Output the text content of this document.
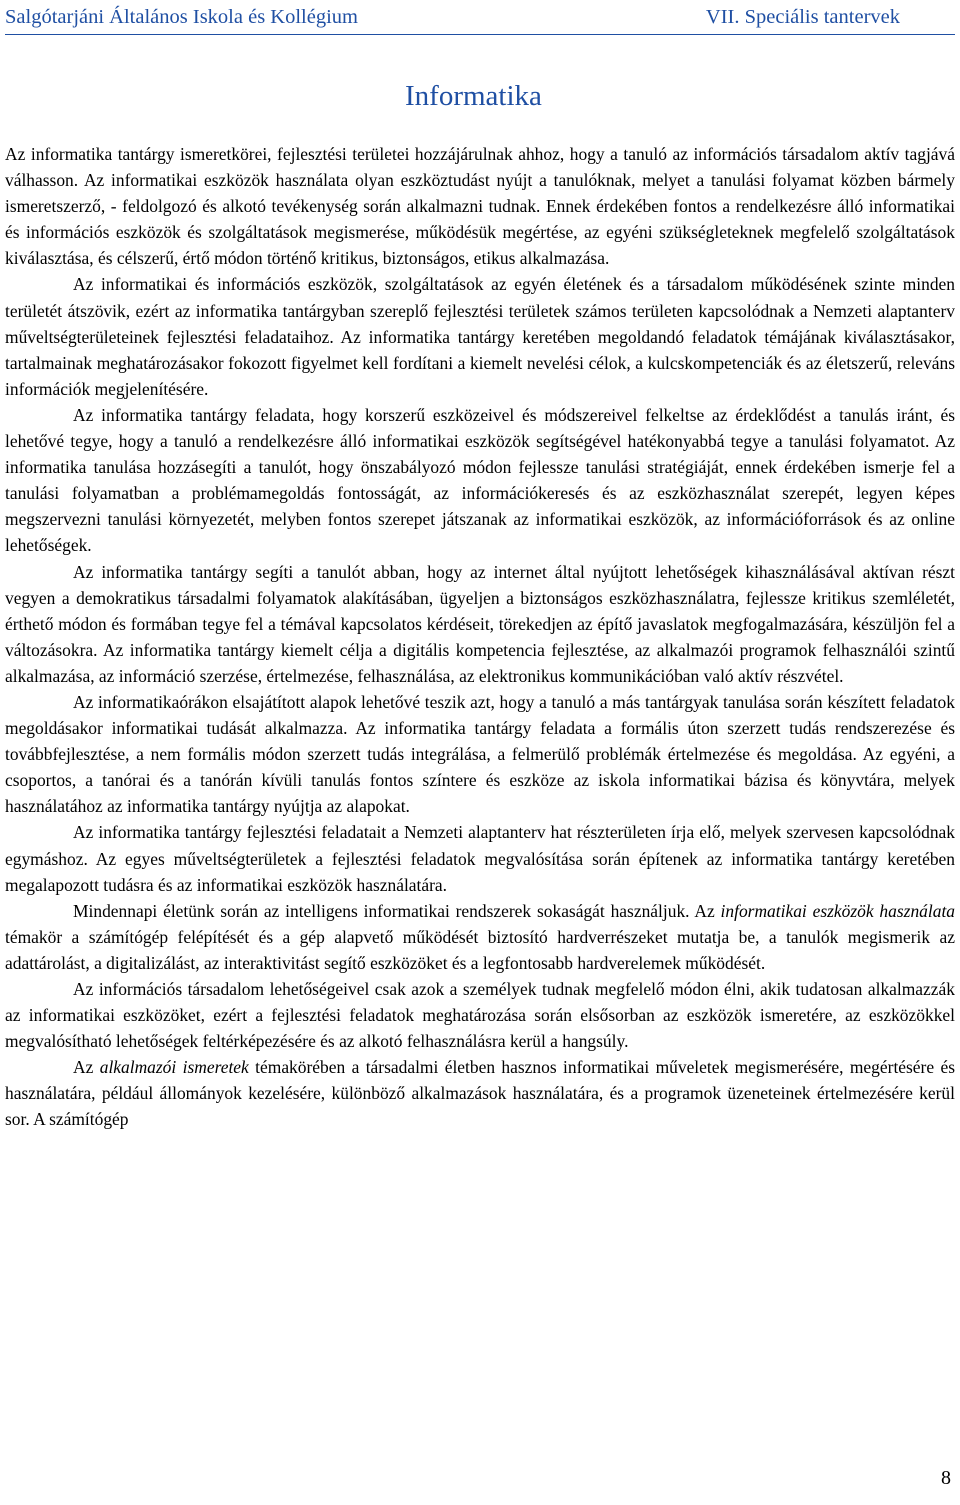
Salgótarjáni Általános Iskola és Kollégium	VII. Speciális tantervek
Informatika

Az informatika tantárgy ismeretkörei, fejlesztési területei hozzájárulnak ahhoz, hogy a tanuló az információs társadalom aktív tagjává válhasson. Az informatikai eszközök használata olyan eszköztudást nyújt a tanulóknak, melyet a tanulási folyamat közben bármely ismeretszerző, - feldolgozó és alkotó tevékenység során alkalmazni tudnak. Ennek érdekében fontos a rendelkezésre álló informatikai és információs eszközök és szolgáltatások megismerése, működésük megértése, az egyéni szükségleteknek megfelelő szolgáltatások kiválasztása, és célszerű, értő módon történő kritikus, biztonságos, etikus alkalmazása.

Az informatikai és információs eszközök, szolgáltatások az egyén életének és a társadalom működésének szinte minden területét átszövik, ezért az informatika tantárgyban szereplő fejlesztési területek számos területen kapcsolódnak a Nemzeti alaptanterv műveltségterületeinek fejlesztési feladataihoz. Az informatika tantárgy keretében megoldandó feladatok témájának kiválasztásakor, tartalmainak meghatározásakor fokozott figyelmet kell fordítani a kiemelt nevelési célok, a kulcskompetenciák és az életszerű, releváns információk megjelenítésére.

Az informatika tantárgy feladata, hogy korszerű eszközeivel és módszereivel felkeltse az érdeklődést a tanulás iránt, és lehetővé tegye, hogy a tanuló a rendelkezésre álló informatikai eszközök segítségével hatékonyabbá tegye a tanulási folyamatot. Az informatika tanulása hozzásegíti a tanulót, hogy önszabályozó módon fejlessze tanulási stratégiáját, ennek érdekében ismerje fel a tanulási folyamatban a problémamegoldás fontosságát, az információkeresés és az eszközhasználat szerepét, legyen képes megszervezni tanulási környezetét, melyben fontos szerepet játszanak az informatikai eszközök, az információforrások és az online lehetőségek.

Az informatika tantárgy segíti a tanulót abban, hogy az internet által nyújtott lehetőségek kihasználásával aktívan részt vegyen a demokratikus társadalmi folyamatok alakításában, ügyeljen a biztonságos eszközhasználatra, fejlessze kritikus szemléletét, érthető módon és formában tegye fel a témával kapcsolatos kérdéseit, törekedjen az építő javaslatok megfogalmazására, készüljön fel a változásokra. Az informatika tantárgy kiemelt célja a digitális kompetencia fejlesztése, az alkalmazói programok felhasználói szintű alkalmazása, az információ szerzése, értelmezése, felhasználása, az elektronikus kommunikációban való aktív részvétel.

Az informatikaórákon elsajátított alapok lehetővé teszik azt, hogy a tanuló a más tantárgyak tanulása során készített feladatok megoldásakor informatikai tudását alkalmazza. Az informatika tantárgy feladata a formális úton szerzett tudás rendszerezése és továbbfejlesztése, a nem formális módon szerzett tudás integrálása, a felmerülő problémák értelmezése és megoldása. Az egyéni, a csoportos, a tanórai és a tanórán kívüli tanulás fontos színtere és eszköze az iskola informatikai bázisa és könyvtára, melyek használatához az informatika tantárgy nyújtja az alapokat.

Az informatika tantárgy fejlesztési feladatait a Nemzeti alaptanterv hat részterületen írja elő, melyek szervesen kapcsolódnak egymáshoz. Az egyes műveltségterületek a fejlesztési feladatok megvalósítása során építenek az informatika tantárgy keretében megalapozott tudásra és az informatikai eszközök használatára.

Mindennapi életünk során az intelligens informatikai rendszerek sokaságát használjuk. Az informatikai eszközök használata témakör a számítógép felépítését és a gép alapvető működését biztosító hardverrészeket mutatja be, a tanulók megismerik az adattárolást, a digitalizálást, az interaktivitást segítő eszközöket és a legfontosabb hardverelemek működését.

Az információs társadalom lehetőségeivel csak azok a személyek tudnak megfelelő módon élni, akik tudatosan alkalmazzák az informatikai eszközöket, ezért a fejlesztési feladatok meghatározása során elsősorban az eszközök ismeretére, az eszközökkel megvalósítható lehetőségek feltérképezésére és az alkotó felhasználásra kerül a hangsúly.

Az alkalmazói ismeretek témakörében a társadalmi életben hasznos informatikai műveletek megismerésére, megértésére és használatára, például állományok kezelésére, különböző alkalmazások használatára, és a programok üzeneteinek értelmezésére kerül sor. A számítógép

8
